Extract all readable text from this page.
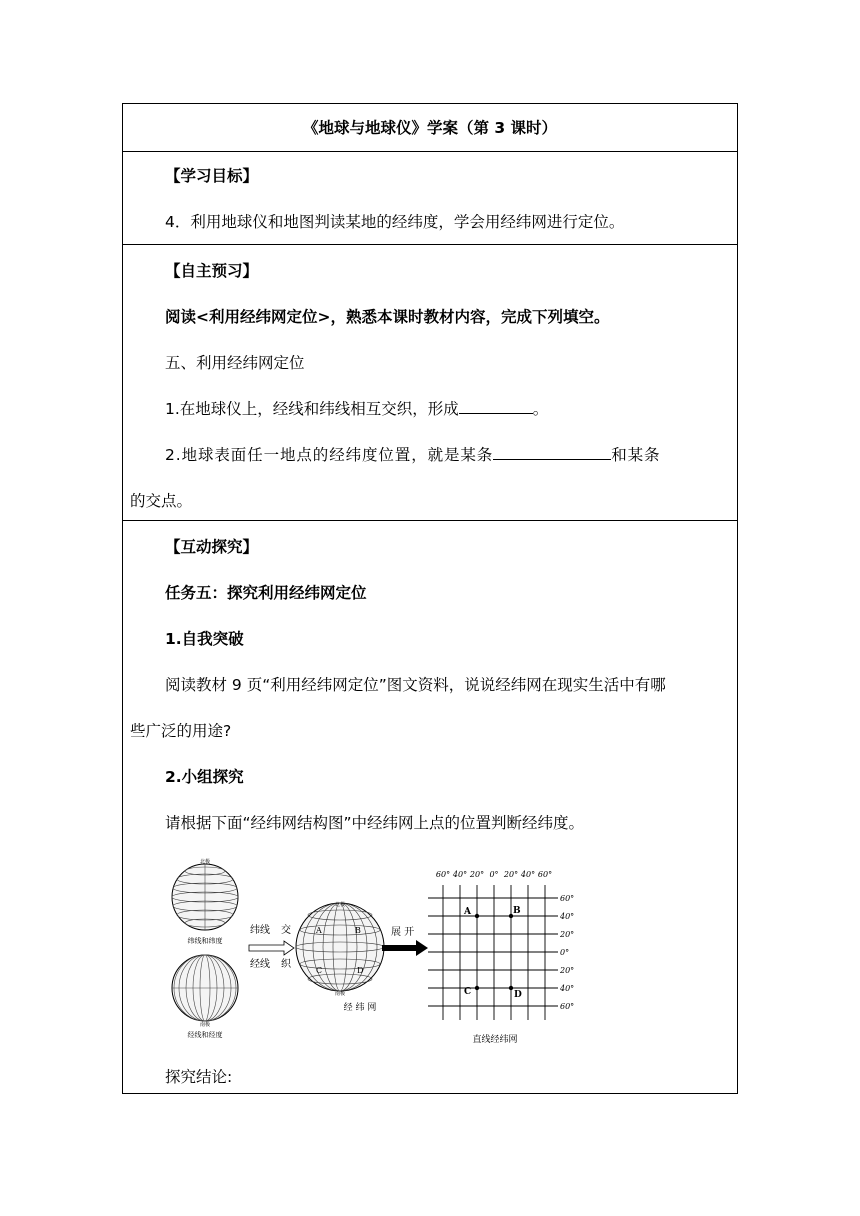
《地球与地球仪》学案（第 3 课时）
【学习目标】
4．利用地球仪和地图判读某地的经纬度，学会用经纬网进行定位。
【自主预习】
阅读<利用经纬网定位>，熟悉本课时教材内容，完成下列填空。
五、利用经纬网定位
1.在地球仪上，经线和纬线相互交织，形成	。
2.地球表面任一地点的经纬度位置，就是某条	和某条
的交点。
【互动探究】
任务五：探究利用经纬网定位
1.自我突破
阅读教材 9 页“利用经纬网定位”图文资料，说说经纬网在现实生活中有哪
些广泛的用途?
2.小组探究
请根据下面“经纬网结构图”中经纬网上点的位置判断经纬度。
探究结论:
北极
纬线和纬度
南极
经线和经度
纬线 交
经线 织
北极
南极
A	B
C	D
经 纬 网
展 开
60° 40° 20° 0° 20° 40° 60°
60°
40°
20°
0°
20°
40°
60°
A	B
C	D
直线经纬网
